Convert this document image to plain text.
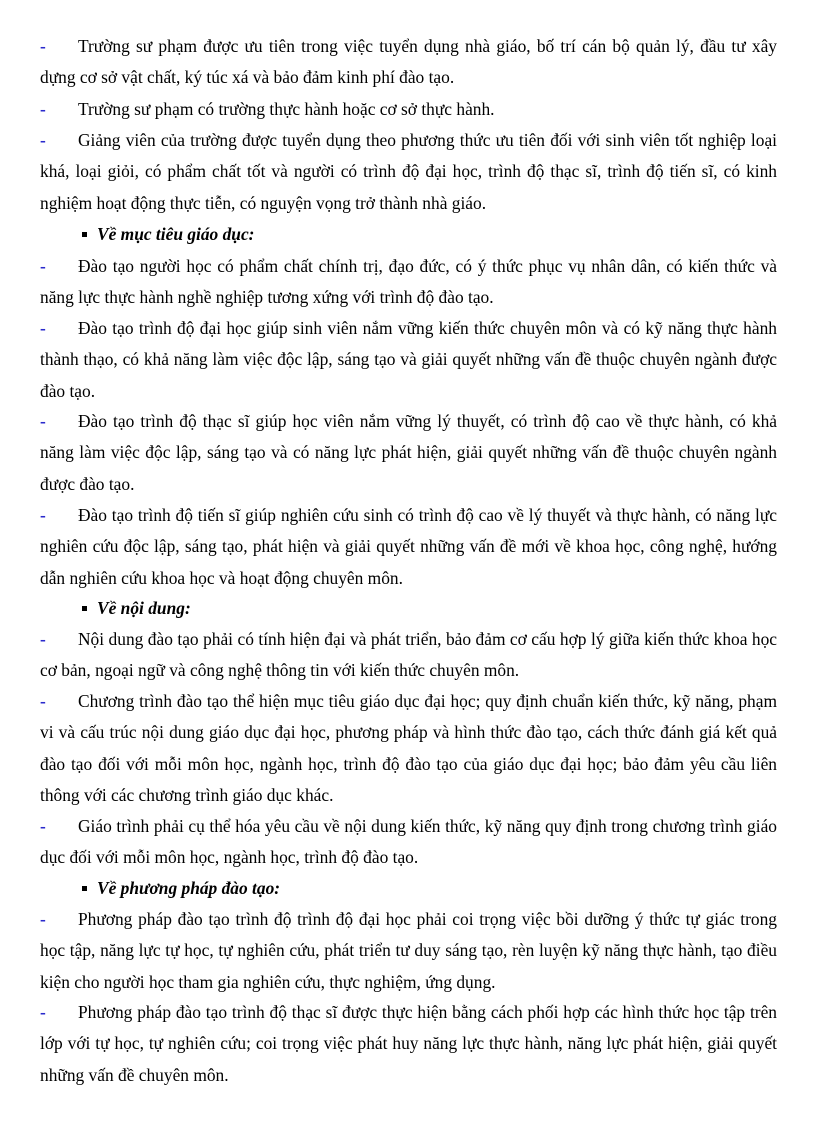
-	Trường sư phạm được ưu tiên trong việc tuyển dụng nhà giáo, bố trí cán bộ quản lý, đầu tư xây dựng cơ sở vật chất, ký túc xá và bảo đảm kinh phí đào tạo.

-	Trường sư phạm có trường thực hành hoặc cơ sở thực hành.

-	Giảng viên của trường được tuyển dụng theo phương thức ưu tiên đối với sinh viên tốt nghiệp loại khá, loại giỏi, có phẩm chất tốt và người có trình độ đại học, trình độ thạc sĩ, trình độ tiến sĩ, có kinh nghiệm hoạt động thực tiễn, có nguyện vọng trở thành nhà giáo.

Về mục tiêu giáo dục:
-	Đào tạo người học có phẩm chất chính trị, đạo đức, có ý thức phục vụ nhân dân, có kiến thức và năng lực thực hành nghề nghiệp tương xứng với trình độ đào tạo.

-	Đào tạo trình độ đại học giúp sinh viên nắm vững kiến thức chuyên môn và có kỹ năng thực hành thành thạo, có khả năng làm việc độc lập, sáng tạo và giải quyết những vấn đề thuộc chuyên ngành được đào tạo.

-	Đào tạo trình độ thạc sĩ giúp học viên nắm vững lý thuyết, có trình độ cao về thực hành, có khả năng làm việc độc lập, sáng tạo và có năng lực phát hiện, giải quyết những vấn đề thuộc chuyên ngành được đào tạo.

-	Đào tạo trình độ tiến sĩ giúp nghiên cứu sinh có trình độ cao về lý thuyết và thực hành, có năng lực nghiên cứu độc lập, sáng tạo, phát hiện và giải quyết những vấn đề mới về khoa học, công nghệ, hướng dẫn nghiên cứu khoa học và hoạt động chuyên môn.

Về nội dung:
-	Nội dung đào tạo phải có tính hiện đại và phát triển, bảo đảm cơ cấu hợp lý giữa kiến thức khoa học cơ bản, ngoại ngữ và công nghệ thông tin với kiến thức chuyên môn.

-	Chương trình đào tạo thể hiện mục tiêu giáo dục đại học; quy định chuẩn kiến thức, kỹ năng, phạm vi và cấu trúc nội dung giáo dục đại học, phương pháp và hình thức đào tạo, cách thức đánh giá kết quả đào tạo đối với mỗi môn học, ngành học, trình độ đào tạo của giáo dục đại học; bảo đảm yêu cầu liên thông với các chương trình giáo dục khác.

-	Giáo trình phải cụ thể hóa yêu cầu về nội dung kiến thức, kỹ năng quy định trong chương trình giáo dục đối với mỗi môn học, ngành học, trình độ đào tạo.

Về phương pháp đào tạo:
-	Phương pháp đào tạo trình độ trình độ đại học phải coi trọng việc bồi dưỡng ý thức tự giác trong học tập, năng lực tự học, tự nghiên cứu, phát triển tư duy sáng tạo, rèn luyện kỹ năng thực hành, tạo điều kiện cho người học tham gia nghiên cứu, thực nghiệm, ứng dụng.

-	Phương pháp đào tạo trình độ thạc sĩ được thực hiện bằng cách phối hợp các hình thức học tập trên lớp với tự học, tự nghiên cứu; coi trọng việc phát huy năng lực thực hành, năng lực phát hiện, giải quyết những vấn đề chuyên môn.
